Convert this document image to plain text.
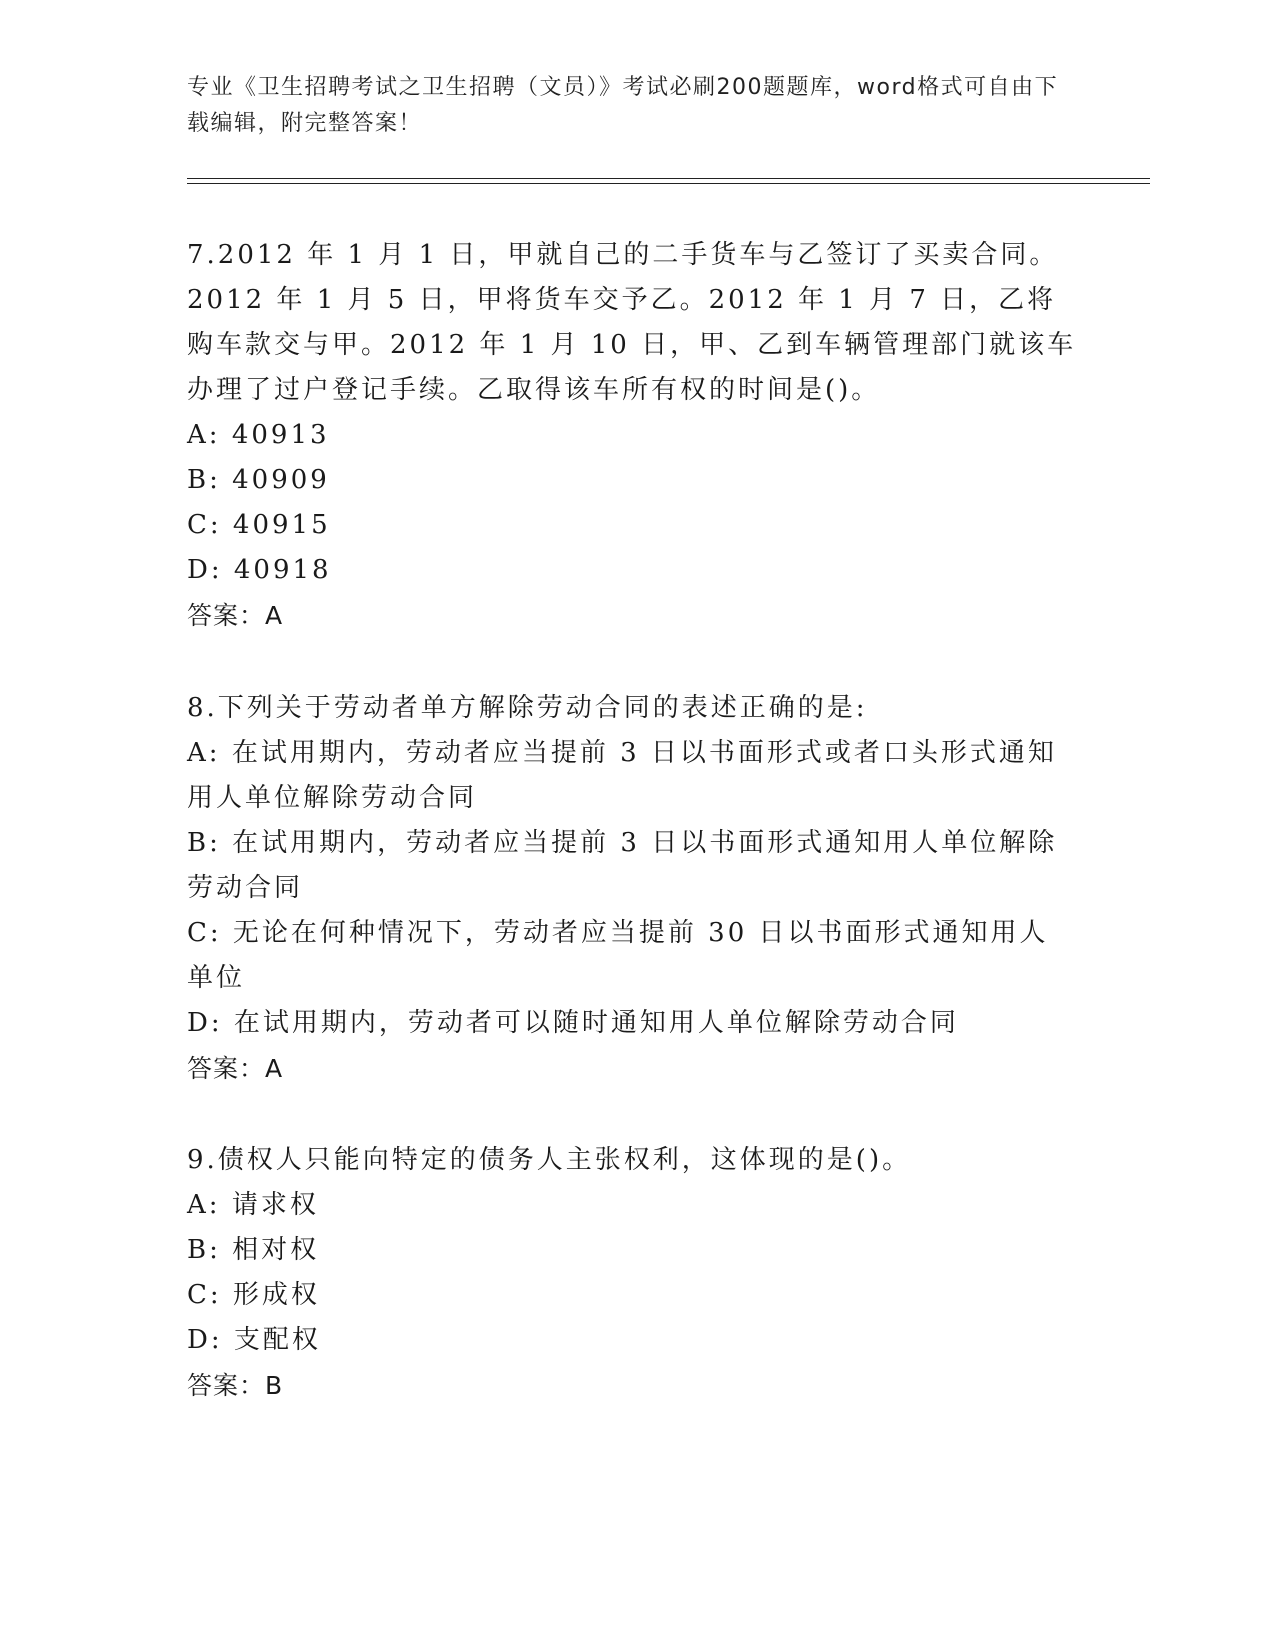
专业《卫生招聘考试之卫生招聘（文员）》考试必刷200题题库，word格式可自由下载编辑，附完整答案！

7.2012 年 1 月 1 日，甲就自己的二手货车与乙签订了买卖合同。2012 年 1 月 5 日，甲将货车交予乙。2012 年 1 月 7 日，乙将购车款交与甲。2012 年 1 月 10 日，甲、乙到车辆管理部门就该车办理了过户登记手续。乙取得该车所有权的时间是()。

A: 40913

B: 40909

C: 40915

D: 40918

答案：A

8.下列关于劳动者单方解除劳动合同的表述正确的是:

A: 在试用期内，劳动者应当提前 3 日以书面形式或者口头形式通知用人单位解除劳动合同

B: 在试用期内，劳动者应当提前 3 日以书面形式通知用人单位解除劳动合同

C: 无论在何种情况下，劳动者应当提前 30 日以书面形式通知用人单位

D: 在试用期内，劳动者可以随时通知用人单位解除劳动合同

答案：A

9.债权人只能向特定的债务人主张权利，这体现的是()。

A: 请求权

B: 相对权

C: 形成权

D: 支配权

答案：B
